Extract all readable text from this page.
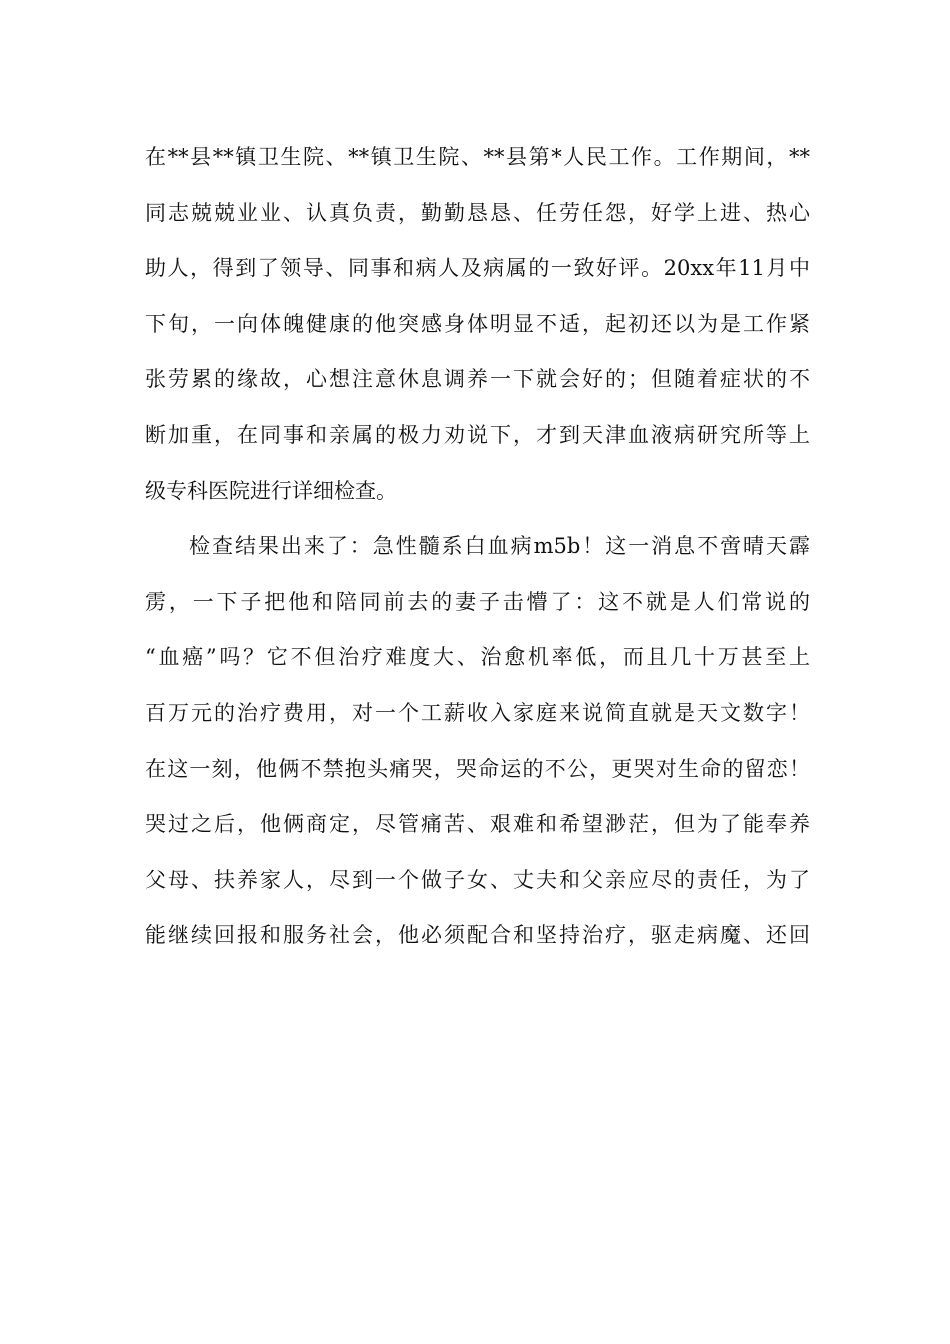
在**县**镇卫生院、**镇卫生院、**县第*人民工作。工作期间，**
同志兢兢业业、认真负责，勤勤恳恳、任劳任怨，好学上进、热心
助人，得到了领导、同事和病人及病属的一致好评。20xx年11月中
下旬，一向体魄健康的他突感身体明显不适，起初还以为是工作紧
张劳累的缘故，心想注意休息调养一下就会好的；但随着症状的不
断加重，在同事和亲属的极力劝说下，才到天津血液病研究所等上
级专科医院进行详细检查。
检查结果出来了：急性髓系白血病m5b！这一消息不啻晴天霹
雳，一下子把他和陪同前去的妻子击懵了：这不就是人们常说的
“血癌”吗？它不但治疗难度大、治愈机率低，而且几十万甚至上
百万元的治疗费用，对一个工薪收入家庭来说简直就是天文数字！
在这一刻，他俩不禁抱头痛哭，哭命运的不公，更哭对生命的留恋！
哭过之后，他俩商定，尽管痛苦、艰难和希望渺茫，但为了能奉养
父母、扶养家人，尽到一个做子女、丈夫和父亲应尽的责任，为了
能继续回报和服务社会，他必须配合和坚持治疗，驱走病魔、还回
